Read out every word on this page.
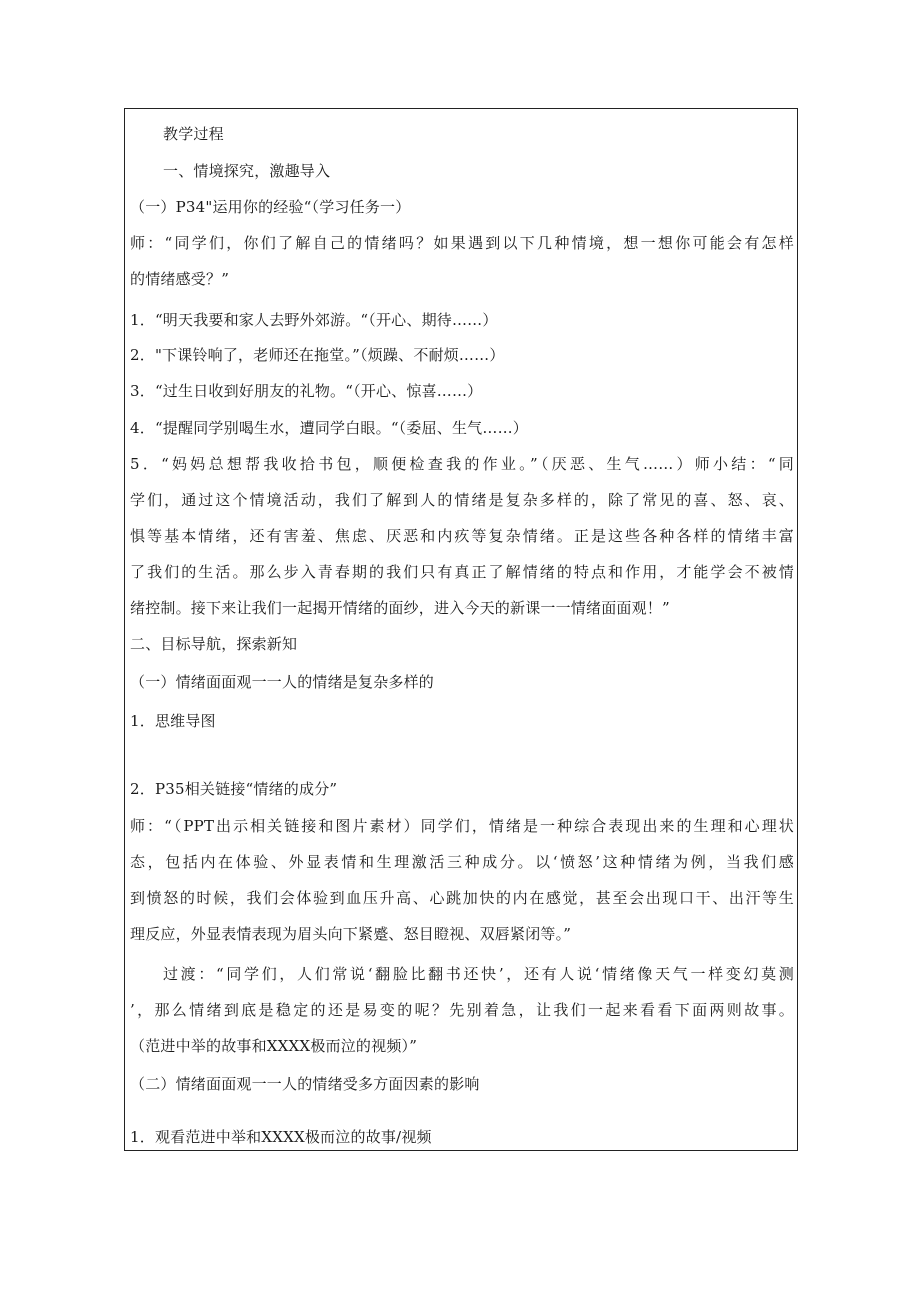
教学过程
一、情境探究，激趣导入
（一）P34"运用你的经验“（学习任务一）
师：“同学们，你们了解自己的情绪吗？如果遇到以下几种情境，想一想你可能会有怎样
的情绪感受？”
1．“明天我要和家人去野外郊游。“（开心、期待……）
2．"下课铃响了，老师还在拖堂。”（烦躁、不耐烦……）
3．“过生日收到好朋友的礼物。“（开心、惊喜……）
4．“提醒同学别喝生水，遭同学白眼。“（委屈、生气……）
5．“妈妈总想帮我收拾书包，顺便检查我的作业。”（厌恶、生气……）师小结：“同
学们，通过这个情境活动，我们了解到人的情绪是复杂多样的，除了常见的喜、怒、哀、
惧等基本情绪，还有害羞、焦虑、厌恶和内疚等复杂情绪。正是这些各种各样的情绪丰富
了我们的生活。那么步入青春期的我们只有真正了解情绪的特点和作用，才能学会不被情
绪控制。接下来让我们一起揭开情绪的面纱，进入今天的新课一一情绪面面观！”
二、目标导航，探索新知
（一）情绪面面观一一人的情绪是复杂多样的
1．思维导图
2．P35相关链接“情绪的成分”
师：“（PPT出示相关链接和图片素材）同学们，情绪是一种综合表现出来的生理和心理状
态，包括内在体验、外显表情和生理激活三种成分。以‘愤怒’这种情绪为例，当我们感
到愤怒的时候，我们会体验到血压升高、心跳加快的内在感觉，甚至会出现口干、出汗等生
理反应，外显表情表现为眉头向下紧蹙、怒目瞪视、双唇紧闭等。”
过渡：“同学们，人们常说‘翻脸比翻书还快’，还有人说‘情绪像天气一样变幻莫测
’，那么情绪到底是稳定的还是易变的呢？先别着急，让我们一起来看看下面两则故事。
（范进中举的故事和XXXX极而泣的视频）”
（二）情绪面面观一一人的情绪受多方面因素的影响
1．观看范进中举和XXXX极而泣的故事/视频
